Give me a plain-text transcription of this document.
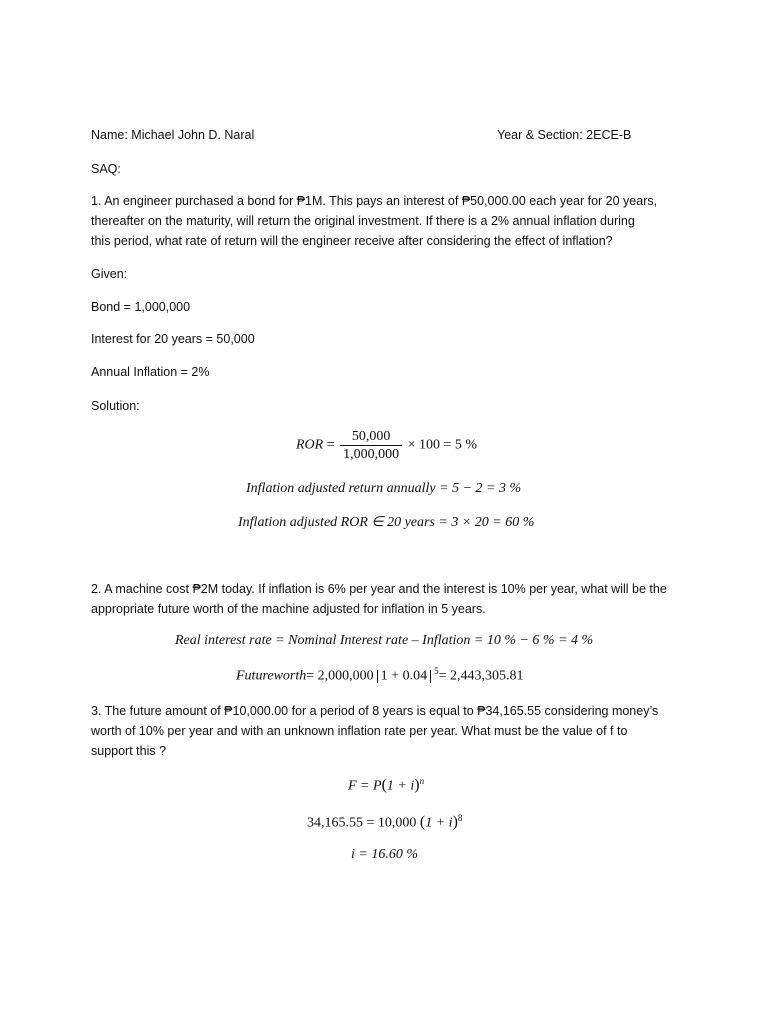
Name: Michael John D. Naral	Year & Section: 2ECE-B
SAQ:
1. An engineer purchased a bond for ₱1M. This pays an interest of ₱50,000.00 each year for 20 years,
thereafter on the maturity, will return the original investment. If there is a 2% annual inflation during
this period, what rate of return will the engineer receive after considering the effect of inflation?
Given:
Bond = 1,000,000
Interest for 20 years = 50,000
Annual Inflation = 2%
Solution:
ROR = $\frac{50,000}{1,000,000} \times 100 = 5$ %
Inflation adjusted return annually = 5 − 2 = 3 %
Inflation adjusted ROR ∈ 20 years = 3 × 20 = 60 %
2. A machine cost ₱2M today. If inflation is 6% per year and the interest is 10% per year, what will be the
appropriate future worth of the machine adjusted for inflation in 5 years.
Real interest rate = Nominal Interest rate – Inflation = 10 % − 6 % = 4 %
Futureworth= 2,000,000 1 + 0.04 $^5$= 2,443,305.81
3. The future amount of ₱10,000.00 for a period of 8 years is equal to ₱34,165.55 considering money’s
worth of 10% per year and with an unknown inflation rate per year. What must be the value of f to
support this ?
$F = P(1 + i)^n$
34,165.55 = 10,000 $(1 + i)^8$
i = 16.60 %
